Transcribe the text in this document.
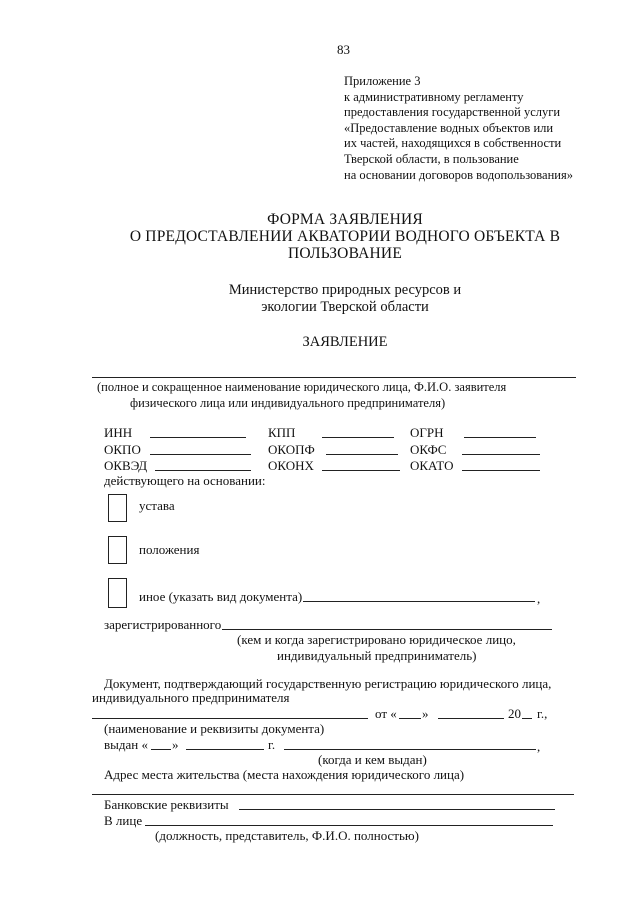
83
Приложение 3
к административному регламенту
предоставления государственной услуги
«Предоставление водных объектов или
их частей, находящихся в собственности
Тверской области, в пользование
на основании договоров водопользования»
ФОРМА ЗАЯВЛЕНИЯ
О ПРЕДОСТАВЛЕНИИ АКВАТОРИИ ВОДНОГО ОБЪЕКТА В
ПОЛЬЗОВАНИЕ
Министерство природных ресурсов и
экологии Тверской области
ЗАЯВЛЕНИЕ
(полное и сокращенное наименование юридического лица, Ф.И.О. заявителя
физического лица или индивидуального предпринимателя)
ИНН	КПП	ОГРН
ОКПО	ОКОПФ	ОКФС
ОКВЭД	ОКОНХ	ОКАТО
действующего на основании:
устава
положения
иное (указать вид документа)	,
зарегистрированного
(кем и когда зарегистрировано юридическое лицо,
индивидуальный предприниматель)
Документ, подтверждающий государственную регистрацию юридического лица,
индивидуального предпринимателя
от « »	20 г.,
(наименование и реквизиты документа)
выдан « »	г.	,
(когда и кем выдан)
Адрес места жительства (места нахождения юридического лица)
Банковские реквизиты
В лице
(должность, представитель, Ф.И.О. полностью)
